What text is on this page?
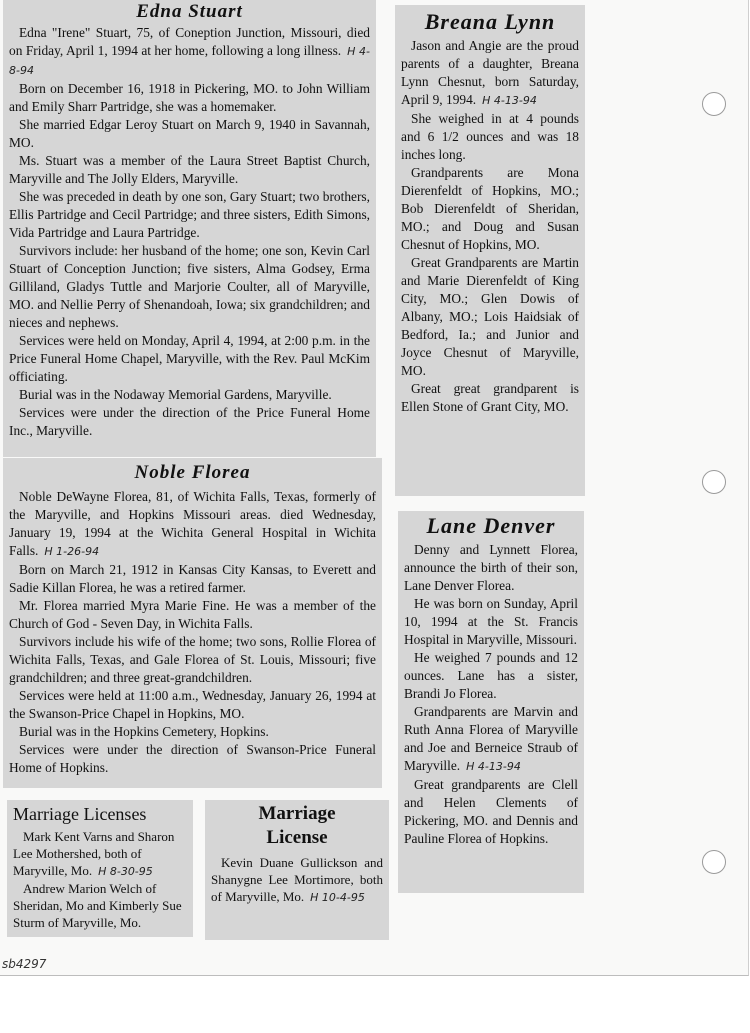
Edna Stuart

Edna "Irene" Stuart, 75, of Coneption Junction, Missouri, died on Friday, April 1, 1994 at her home, following a long illness. H 4-8-94

Born on December 16, 1918 in Pickering, MO. to John William and Emily Sharr Partridge, she was a homemaker.

She married Edgar Leroy Stuart on March 9, 1940 in Savannah, MO.

Ms. Stuart was a member of the Laura Street Baptist Church, Maryville and The Jolly Elders, Maryville.

She was preceded in death by one son, Gary Stuart; two brothers, Ellis Partridge and Cecil Partridge; and three sisters, Edith Simons, Vida Partridge and Laura Partridge.

Survivors include: her husband of the home; one son, Kevin Carl Stuart of Conception Junction; five sisters, Alma Godsey, Erma Gilliland, Gladys Tuttle and Marjorie Coulter, all of Maryville, MO. and Nellie Perry of Shenandoah, Iowa; six grandchildren; and nieces and nephews.

Services were held on Monday, April 4, 1994, at 2:00 p.m. in the Price Funeral Home Chapel, Maryville, with the Rev. Paul McKim officiating.

Burial was in the Nodaway Memorial Gardens, Maryville.

Services were under the direction of the Price Funeral Home Inc., Maryville.

Noble Florea

Noble DeWayne Florea, 81, of Wichita Falls, Texas, formerly of the Maryville, and Hopkins Missouri areas. died Wednesday, January 19, 1994 at the Wichita General Hospital in Wichita Falls. H 1-26-94

Born on March 21, 1912 in Kansas City Kansas, to Everett and Sadie Killan Florea, he was a retired farmer.

Mr. Florea married Myra Marie Fine. He was a member of the Church of God - Seven Day, in Wichita Falls.

Survivors include his wife of the home; two sons, Rollie Florea of Wichita Falls, Texas, and Gale Florea of St. Louis, Missouri; five grandchildren; and three great-grandchildren.

Services were held at 11:00 a.m., Wednesday, January 26, 1994 at the Swanson-Price Chapel in Hopkins, MO.

Burial was in the Hopkins Cemetery, Hopkins.

Services were under the direction of Swanson-Price Funeral Home of Hopkins.

Breana Lynn

Jason and Angie are the proud parents of a daughter, Breana Lynn Chesnut, born Saturday, April 9, 1994. H 4-13-94

She weighed in at 4 pounds and 6 1/2 ounces and was 18 inches long.

Grandparents are Mona Dierenfeldt of Hopkins, MO.; Bob Dierenfeldt of Sheridan, MO.; and Doug and Susan Chesnut of Hopkins, MO.

Great Grandparents are Martin and Marie Dierenfeldt of King City, MO.; Glen Dowis of Albany, MO.; Lois Haidsiak of Bedford, Ia.; and Junior and Joyce Chesnut of Maryville, MO.

Great great grandparent is Ellen Stone of Grant City, MO.

Lane Denver

Denny and Lynnett Florea, announce the birth of their son, Lane Denver Florea.

He was born on Sunday, April 10, 1994 at the St. Francis Hospital in Maryville, Missouri.

He weighed 7 pounds and 12 ounces. Lane has a sister, Brandi Jo Florea.

Grandparents are Marvin and Ruth Anna Florea of Maryville and Joe and Berneice Straub of Maryville. H 4-13-94

Great grandparents are Clell and Helen Clements of Pickering, MO. and Dennis and Pauline Florea of Hopkins.

Marriage Licenses

Mark Kent Varns and Sharon Lee Mothershed, both of Maryville, Mo. H 8-30-95

Andrew Marion Welch of Sheridan, Mo and Kimberly Sue Sturm of Maryville, Mo.

Marriage License

Kevin Duane Gullickson and Shanygne Lee Mortimore, both of Maryville, Mo. H 10-4-95

sb4297
